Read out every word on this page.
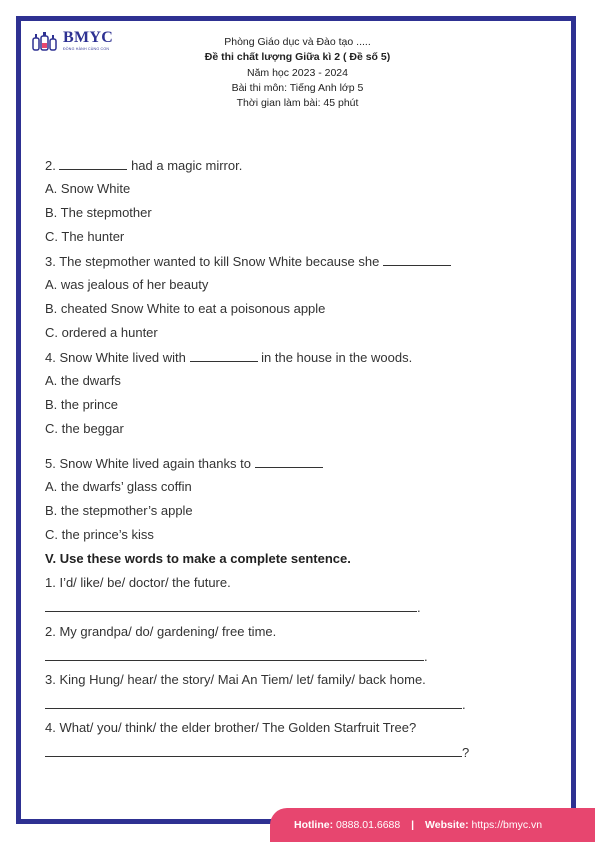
BMYC
ĐỒNG HÀNH CÙNG CON
Phòng Giáo dục và Đào tạo .....
Đề thi chất lượng Giữa kì 2 ( Đề số 5)
Năm học 2023 - 2024
Bài thi môn: Tiếng Anh lớp 5
Thời gian làm bài: 45 phút
2.	had a magic mirror.
A. Snow White
B. The stepmother
C. The hunter
3. The stepmother wanted to kill Snow White because she
A. was jealous of her beauty
B. cheated Snow White to eat a poisonous apple
C. ordered a hunter
4. Snow White lived with	in the house in the woods.
A. the dwarfs
B. the prince
C. the beggar
5. Snow White lived again thanks to
A. the dwarfs’ glass coffin
B. the stepmother’s apple
C. the prince’s kiss
V. Use these words to make a complete sentence.
1. I’d/ like/ be/ doctor/ the future.
.
2. My grandpa/ do/ gardening/ free time.
.
3. King Hung/ hear/ the story/ Mai An Tiem/ let/ family/ back home.
.
4. What/ you/ think/ the elder brother/ The Golden Starfruit Tree?
?
Hotline: 0888.01.6688 | Website: https://bmyc.vn
